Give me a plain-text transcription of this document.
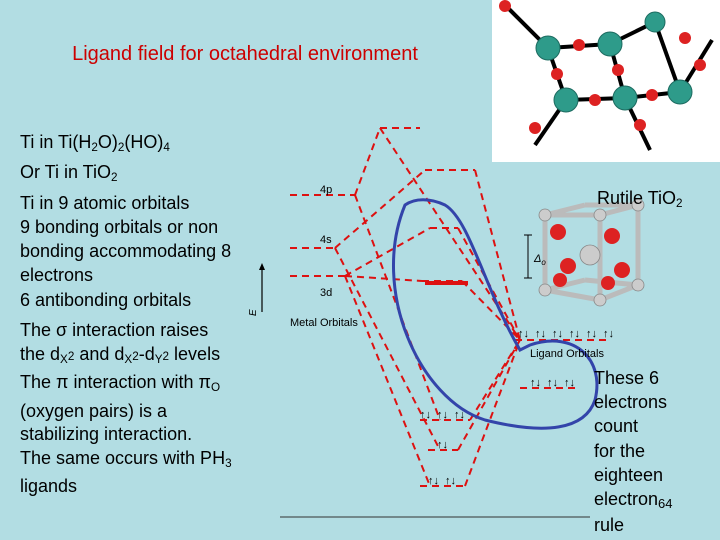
E
↑↓ ↑↓ ↑↓ ↑↓ ↑↓ ↑↓
↑↓ ↑↓ ↑↓
↑↓ ↑↓ ↑↓
↑↓
↑↓ ↑↓
4p
4s
3d
Metal Orbitals
Ligand Orbitals
$\Delta_o$
Ligand field for octahedral environment
Ti in $Ti(H_2O)_2(HO)_4$
Or Ti in TiO$_2$
Ti in 9 atomic orbitals
9 bonding orbitals or non bonding accommodating 8 electrons
6 antibonding orbitals
The σ interaction raises
the $d_X2$ and $d_X2-d_Y2$ levels
The π interaction with $\pi_O$
(oxygen pairs) is a
stabilizing interaction.
The same occurs with $PH_3$
ligands
Rutile TiO$_2$
These 6
electrons
count
for the
eighteen
electron64
rule
